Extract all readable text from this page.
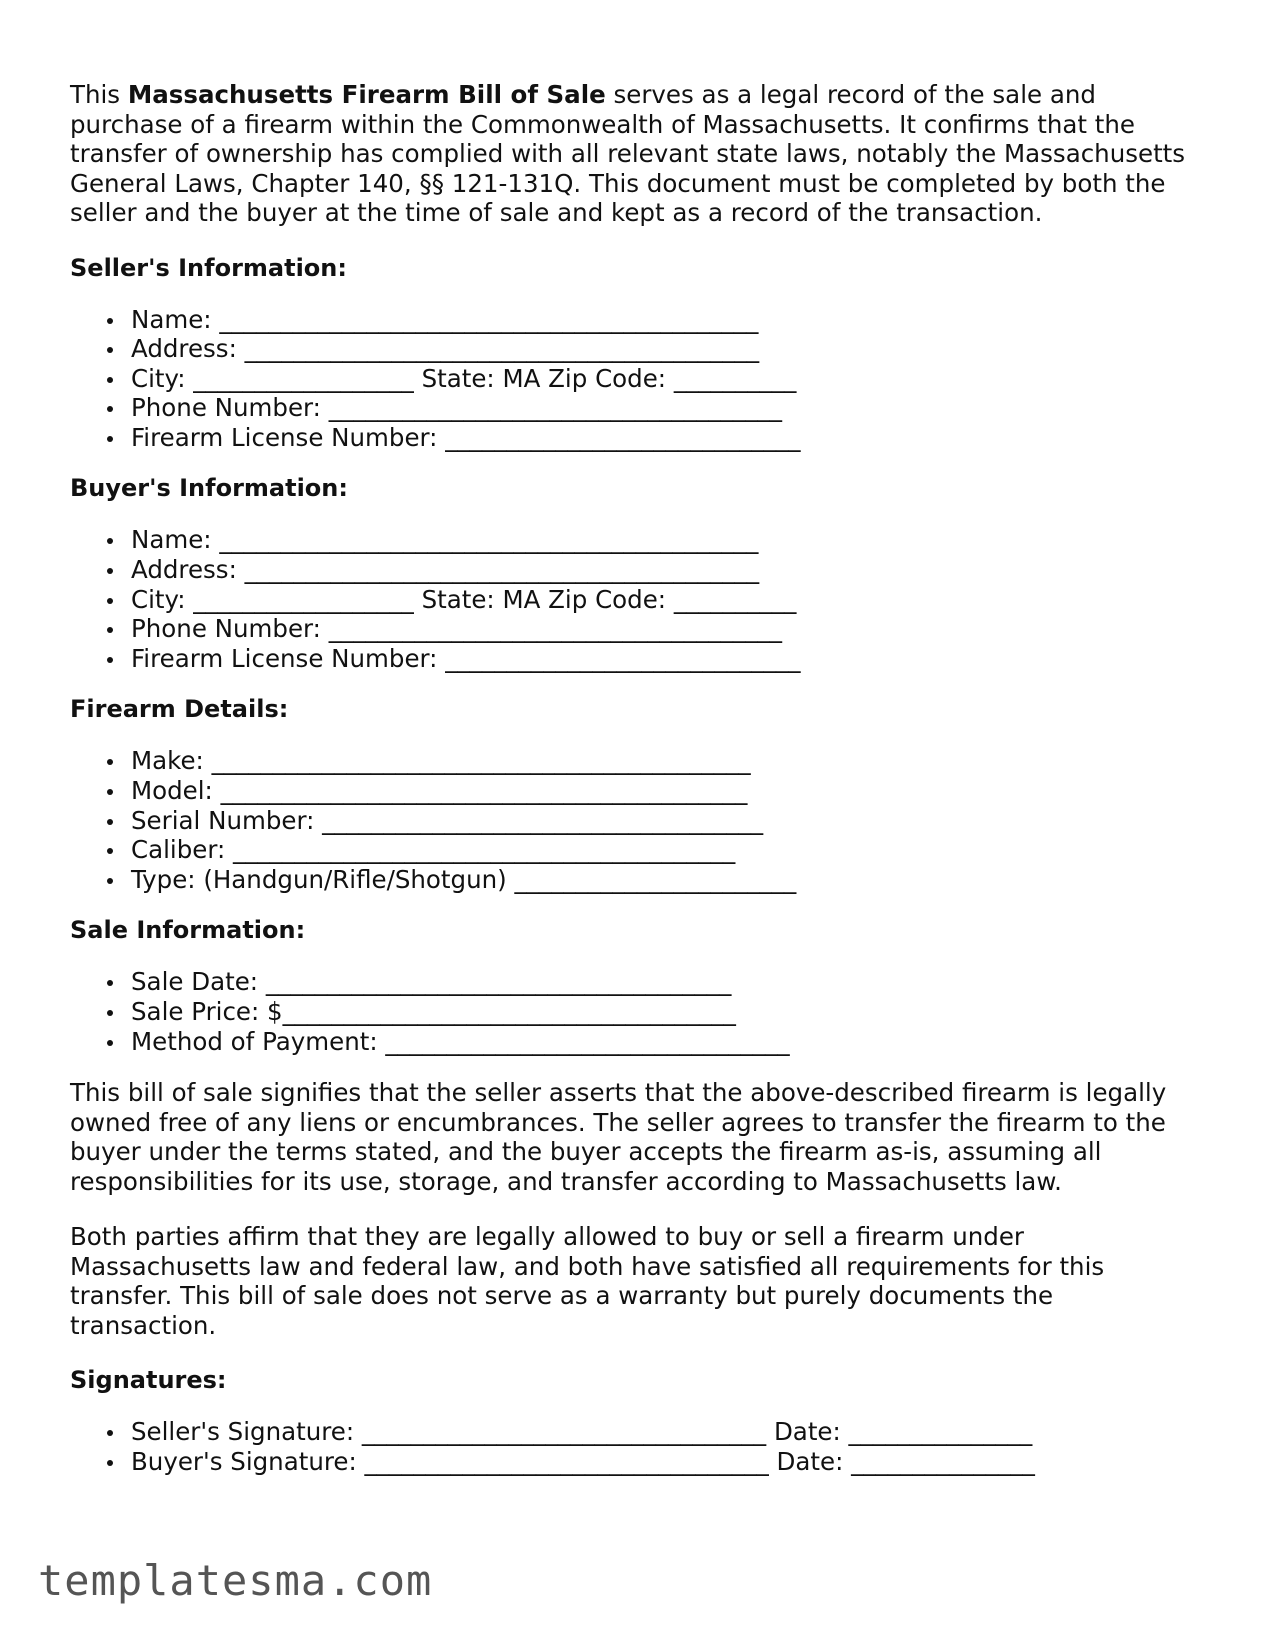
This Massachusetts Firearm Bill of Sale serves as a legal record of the sale and purchase of a firearm within the Commonwealth of Massachusetts. It confirms that the transfer of ownership has complied with all relevant state laws, notably the Massachusetts General Laws, Chapter 140, §§ 121-131Q. This document must be completed by both the seller and the buyer at the time of sale and kept as a record of the transaction.

Seller's Information:
Name: ____________________________________________
Address: __________________________________________
City: __________________ State: MA Zip Code: __________
Phone Number: _____________________________________
Firearm License Number: _____________________________
Buyer's Information:
Name: ____________________________________________
Address: __________________________________________
City: __________________ State: MA Zip Code: __________
Phone Number: _____________________________________
Firearm License Number: _____________________________
Firearm Details:
Make: ____________________________________________
Model: ___________________________________________
Serial Number: ____________________________________
Caliber: _________________________________________
Type: (Handgun/Rifle/Shotgun) _______________________
Sale Information:
Sale Date: ______________________________________
Sale Price: $_____________________________________
Method of Payment: _________________________________

This bill of sale signifies that the seller asserts that the above-described firearm is legally owned free of any liens or encumbrances. The seller agrees to transfer the firearm to the buyer under the terms stated, and the buyer accepts the firearm as-is, assuming all responsibilities for its use, storage, and transfer according to Massachusetts law.

Both parties affirm that they are legally allowed to buy or sell a firearm under Massachusetts law and federal law, and both have satisfied all requirements for this transfer. This bill of sale does not serve as a warranty but purely documents the transaction.

Signatures:
Seller's Signature: _________________________________ Date: _______________
Buyer's Signature: _________________________________ Date: _______________
templatesma.com
